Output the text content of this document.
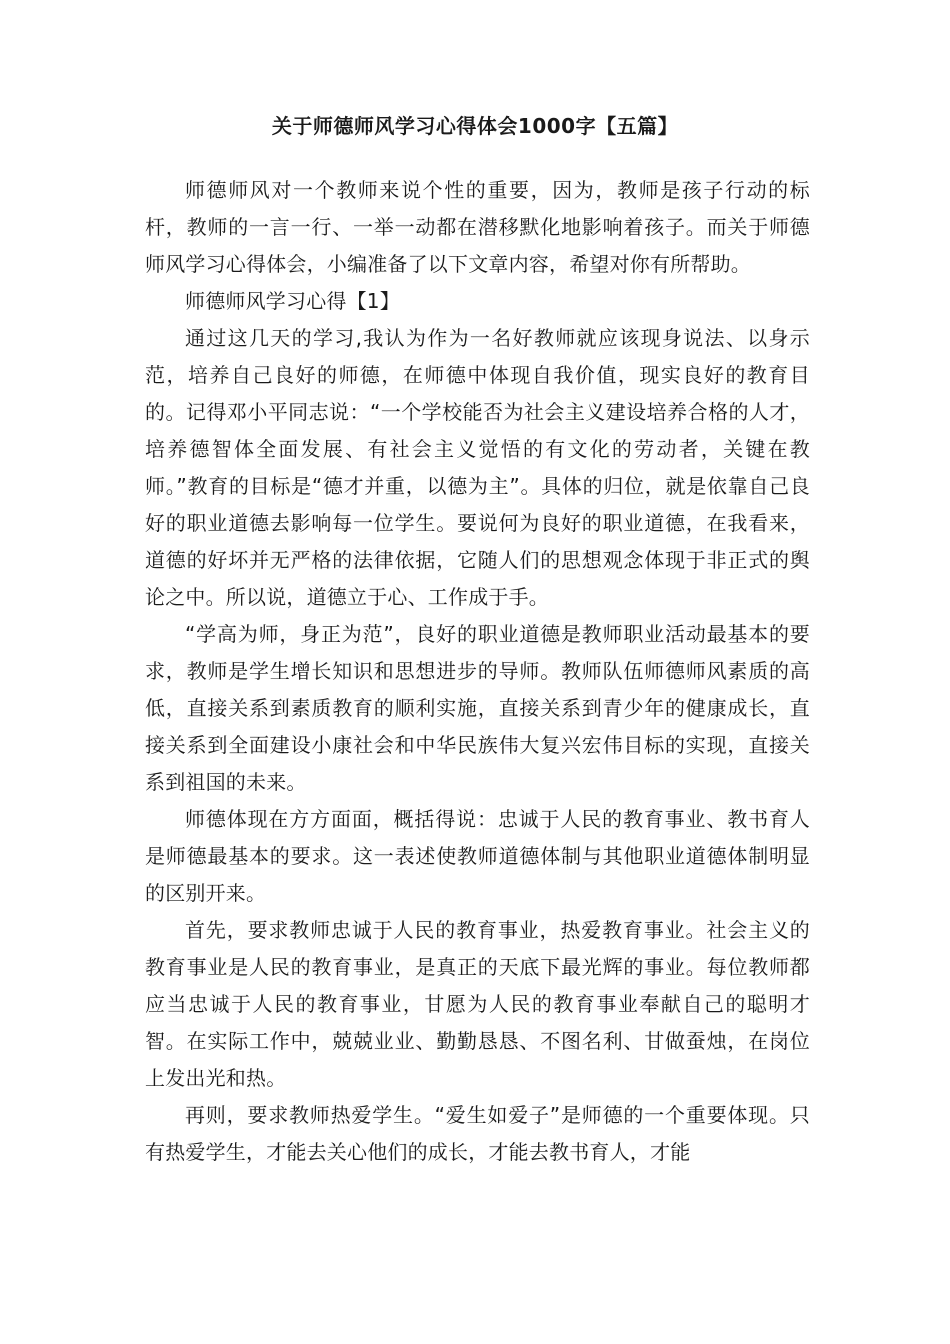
关于师德师风学习心得体会1000字【五篇】

师德师风对一个教师来说个性的重要，因为，教师是孩子行动的标杆，教师的一言一行、一举一动都在潜移默化地影响着孩子。而关于师德师风学习心得体会，小编准备了以下文章内容，希望对你有所帮助。

师德师风学习心得【1】

通过这几天的学习,我认为作为一名好教师就应该现身说法、以身示范，培养自己良好的师德，在师德中体现自我价值，现实良好的教育目的。记得邓小平同志说：“一个学校能否为社会主义建设培养合格的人才，培养德智体全面发展、有社会主义觉悟的有文化的劳动者，关键在教师。”教育的目标是“德才并重，以德为主”。具体的归位，就是依靠自己良好的职业道德去影响每一位学生。要说何为良好的职业道德，在我看来，道德的好坏并无严格的法律依据，它随人们的思想观念体现于非正式的舆论之中。所以说，道德立于心、工作成于手。

“学高为师，身正为范”，良好的职业道德是教师职业活动最基本的要求，教师是学生增长知识和思想进步的导师。教师队伍师德师风素质的高低，直接关系到素质教育的顺利实施，直接关系到青少年的健康成长，直接关系到全面建设小康社会和中华民族伟大复兴宏伟目标的实现，直接关系到祖国的未来。

师德体现在方方面面，概括得说：忠诚于人民的教育事业、教书育人是师德最基本的要求。这一表述使教师道德体制与其他职业道德体制明显的区别开来。

首先，要求教师忠诚于人民的教育事业，热爱教育事业。社会主义的教育事业是人民的教育事业，是真正的天底下最光辉的事业。每位教师都应当忠诚于人民的教育事业，甘愿为人民的教育事业奉献自己的聪明才智。在实际工作中，兢兢业业、勤勤恳恳、不图名利、甘做蚕烛，在岗位上发出光和热。

再则，要求教师热爱学生。“爱生如爱子”是师德的一个重要体现。只有热爱学生，才能去关心他们的成长，才能去教书育人，才能
